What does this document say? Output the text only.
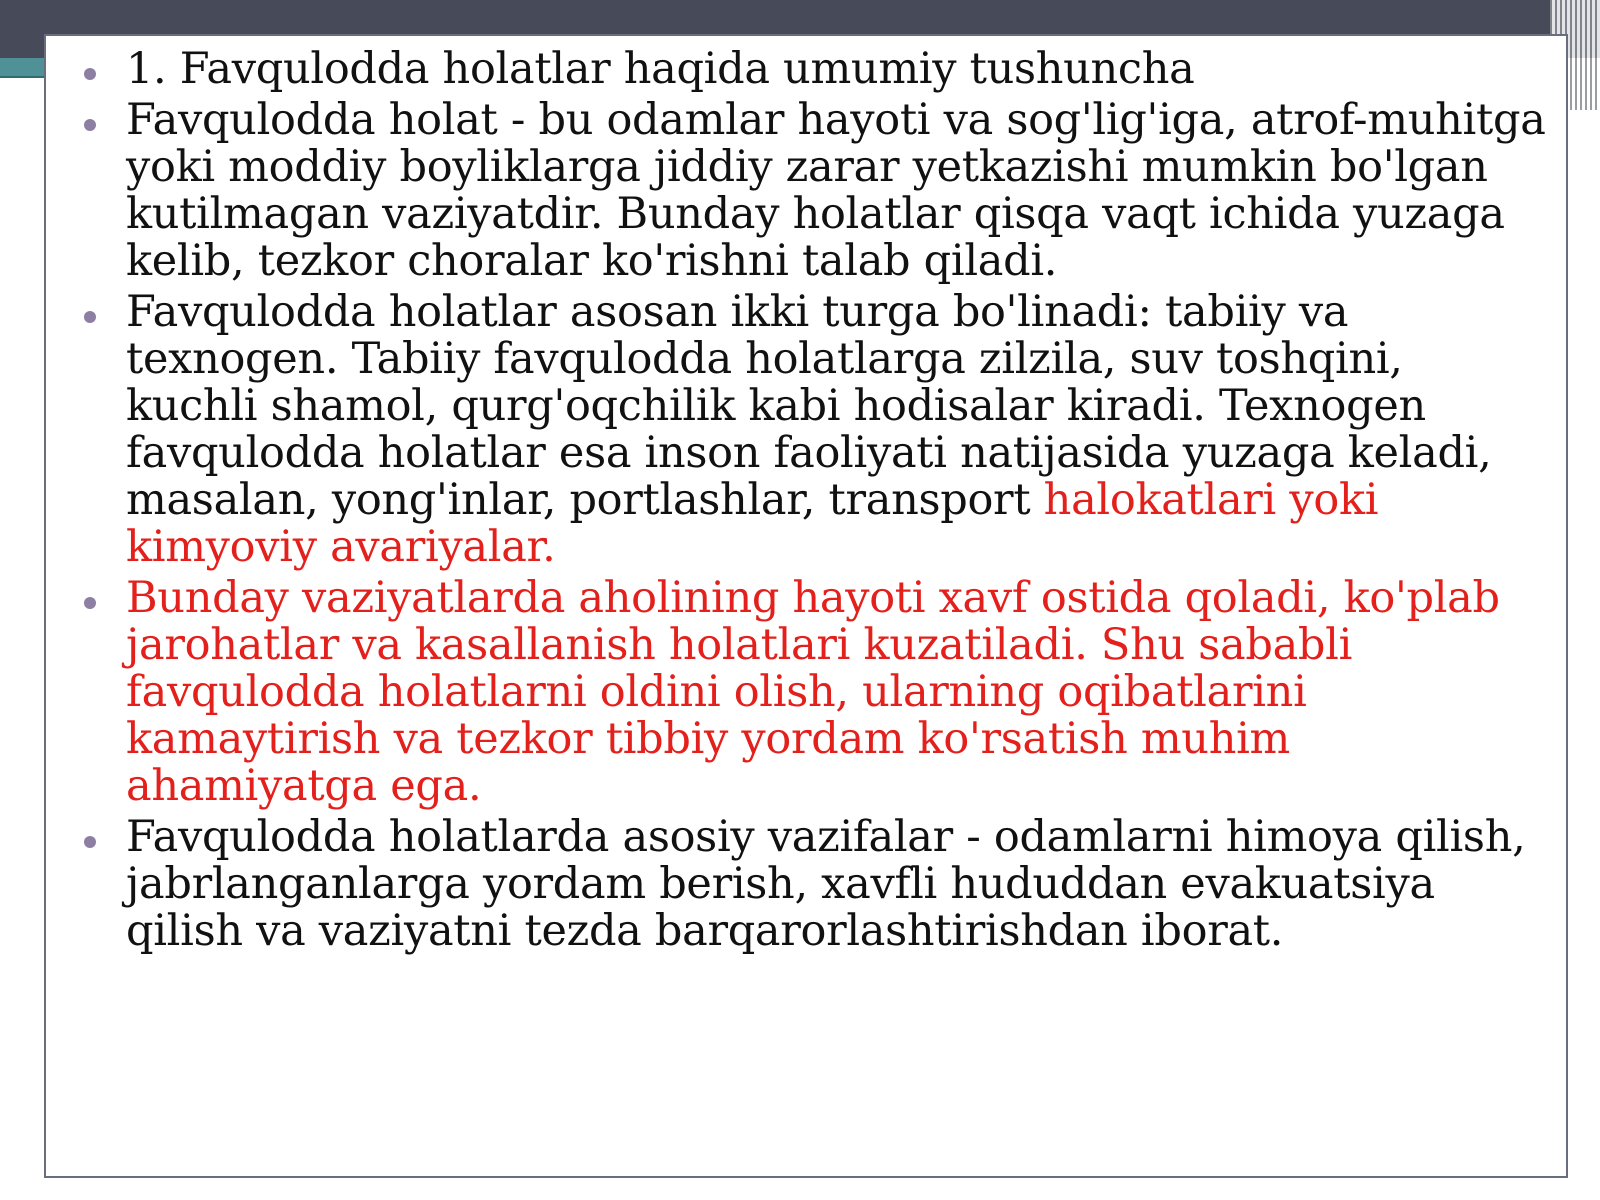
1. Favqulodda holatlar haqida umumiy tushuncha
Favqulodda holat - bu odamlar hayoti va sog'lig'iga, atrof-muhitga yoki moddiy boyliklarga jiddiy zarar yetkazishi mumkin bo'lgan kutilmagan vaziyatdir. Bunday holatlar qisqa vaqt ichida yuzaga kelib, tezkor choralar ko'rishni talab qiladi.
Favqulodda holatlar asosan ikki turga bo'linadi: tabiiy va texnogen. Tabiiy favqulodda holatlarga zilzila, suv toshqini, kuchli shamol, qurg'oqchilik kabi hodisalar kiradi. Texnogen favqulodda holatlar esa inson faoliyati natijasida yuzaga keladi, masalan, yong'inlar, portlashlar, transport halokatlari yoki kimyoviy avariyalar.
Bunday vaziyatlarda aholining hayoti xavf ostida qoladi, ko'plab jarohatlar va kasallanish holatlari kuzatiladi. Shu sababli favqulodda holatlarni oldini olish, ularning oqibatlarini kamaytirish va tezkor tibbiy yordam ko'rsatish muhim ahamiyatga ega.
Favqulodda holatlarda asosiy vazifalar - odamlarni himoya qilish, jabrlanganlarga yordam berish, xavfli hududdan evakuatsiya qilish va vaziyatni tezda barqarorlashtirishdan iborat.
